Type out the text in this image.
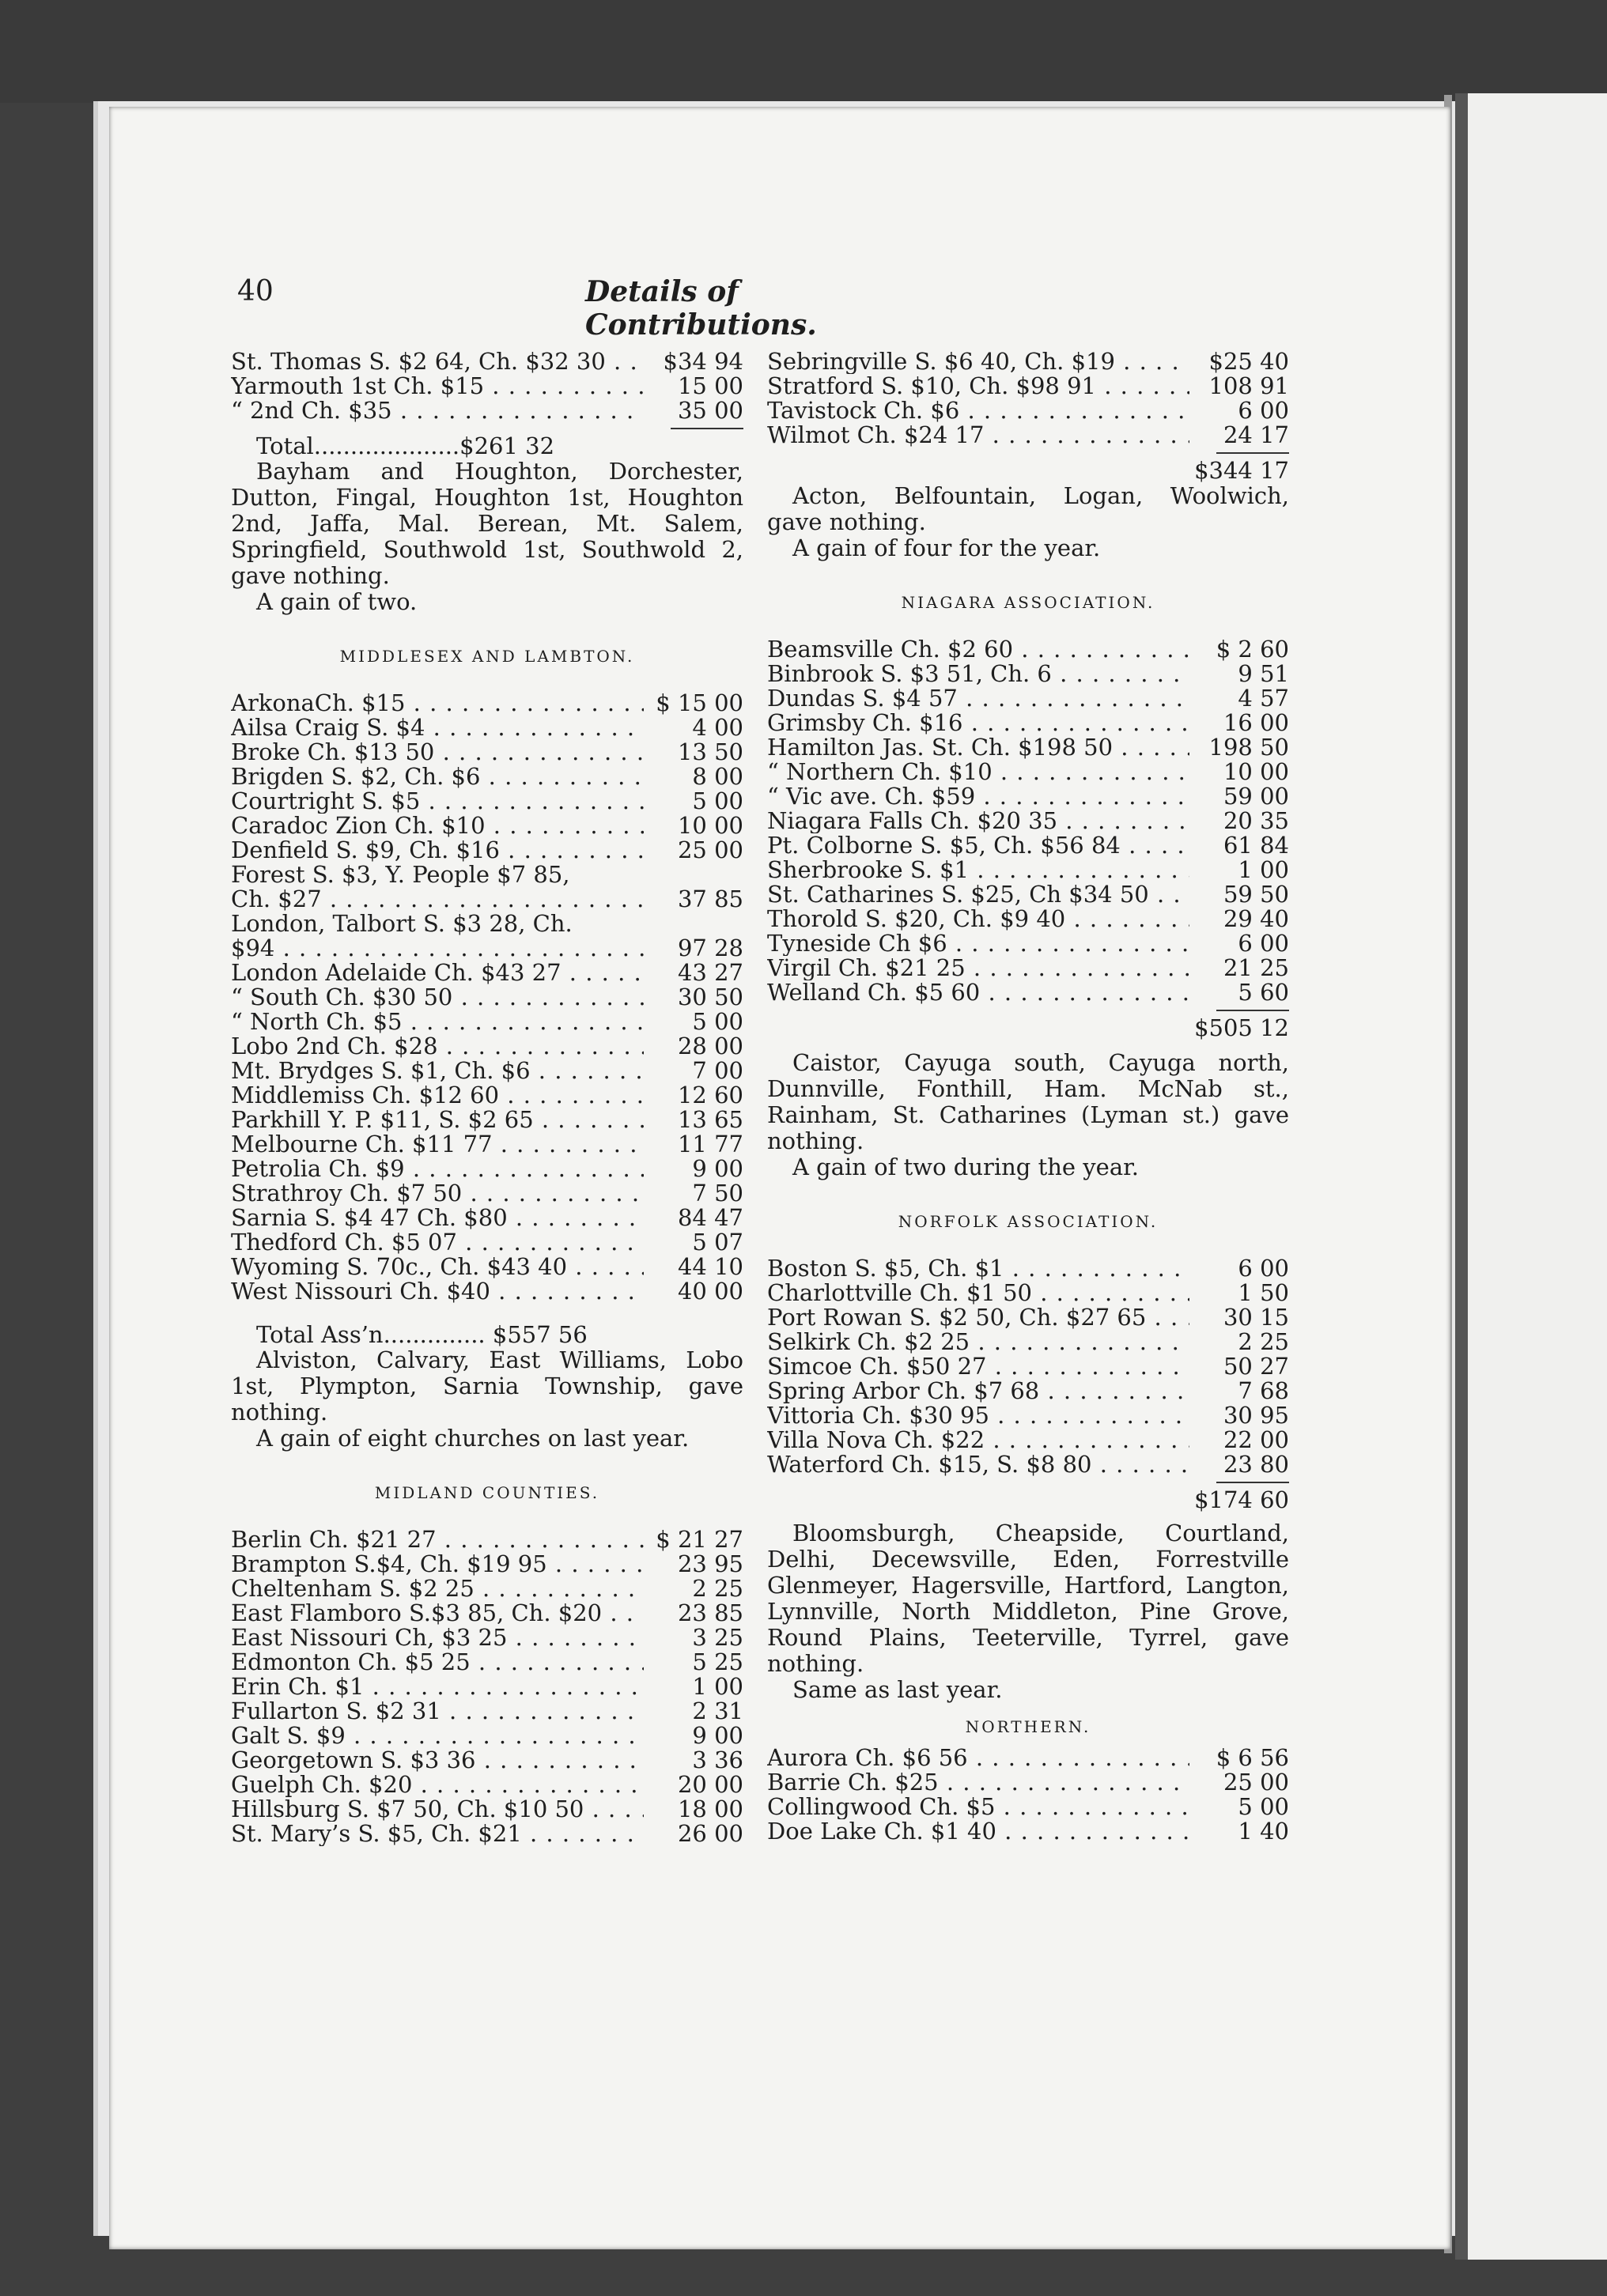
40	Details of Contributions.
St. Thomas S. $2 64, Ch. $32 30 . . .	$34 94
Yarmouth 1st Ch. $15 . . .	15 00
“ 2nd Ch. $35 . . .	35 00
Total....................$261 32
Bayham and Houghton, Dorchester, Dutton, Fingal, Houghton 1st, Houghton 2nd, Jaffa, Mal. Berean, Mt. Salem, Springfield, Southwold 1st, Southwold 2, gave nothing.
A gain of two.
MIDDLESEX AND LAMBTON.
ArkonaCh. $15 . . .	$ 15 00
Ailsa Craig S. $4 . . .	4 00
Broke Ch. $13 50 . . .	13 50
Brigden S. $2, Ch. $6 . . .	8 00
Courtright S. $5 . . .	5 00
Caradoc Zion Ch. $10 . . .	10 00
Denfield S. $9, Ch. $16 . . .	25 00
Forest S. $3, Y. People $7 85,
Ch. $27 . . .	37 85
London, Talbort S. $3 28, Ch.
$94 . . .	97 28
London Adelaide Ch. $43 27 . . .	43 27
“ South Ch. $30 50 . . .	30 50
“ North Ch. $5 . . .	5 00
Lobo 2nd Ch. $28 . . .	28 00
Mt. Brydges S. $1, Ch. $6 . . .	7 00
Middlemiss Ch. $12 60 . . .	12 60
Parkhill Y. P. $11, S. $2 65 . . .	13 65
Melbourne Ch. $11 77 . . .	11 77
Petrolia Ch. $9 . . .	9 00
Strathroy Ch. $7 50 . . .	7 50
Sarnia S. $4 47 Ch. $80 . . .	84 47
Thedford Ch. $5 07 . . .	5 07
Wyoming S. 70c., Ch. $43 40 . . .	44 10
West Nissouri Ch. $40 . . .	40 00
Total Ass’n.............. $557 56
Alviston, Calvary, East Williams, Lobo 1st, Plympton, Sarnia Township, gave nothing.
A gain of eight churches on last year.
MIDLAND COUNTIES.
Berlin Ch. $21 27 . . .	$ 21 27
Brampton S.$4, Ch. $19 95 . . .	23 95
Cheltenham S. $2 25 . . .	2 25
East Flamboro S.$3 85, Ch. $20 . . .	23 85
East Nissouri Ch, $3 25 . . .	3 25
Edmonton Ch. $5 25 . . .	5 25
Erin Ch. $1 . . .	1 00
Fullarton S. $2 31 . . .	2 31
Galt S. $9 . . .	9 00
Georgetown S. $3 36 . . .	3 36
Guelph Ch. $20 . . .	20 00
Hillsburg S. $7 50, Ch. $10 50 . . .	18 00
St. Mary’s S. $5, Ch. $21 . . .	26 00
Sebringville S. $6 40, Ch. $19 . . .	$25 40
Stratford S. $10, Ch. $98 91 . . .	108 91
Tavistock Ch. $6 . . .	6 00
Wilmot Ch. $24 17 . . .	24 17
$344 17
Acton, Belfountain, Logan, Woolwich, gave nothing.
A gain of four for the year.
NIAGARA ASSOCIATION.
Beamsville Ch. $2 60 . . .	$ 2 60
Binbrook S. $3 51, Ch. 6 . . .	9 51
Dundas S. $4 57 . . .	4 57
Grimsby Ch. $16 . . .	16 00
Hamilton Jas. St. Ch. $198 50 . . .	198 50
“ Northern Ch. $10 . . .	10 00
“ Vic ave. Ch. $59 . . .	59 00
Niagara Falls Ch. $20 35 . . .	20 35
Pt. Colborne S. $5, Ch. $56 84 . . .	61 84
Sherbrooke S. $1 . . .	1 00
St. Catharines S. $25, Ch $34 50 . . .	59 50
Thorold S. $20, Ch. $9 40 . . .	29 40
Tyneside Ch $6 . . .	6 00
Virgil Ch. $21 25 . . .	21 25
Welland Ch. $5 60 . . .	5 60
$505 12
Caistor, Cayuga south, Cayuga north, Dunnville, Fonthill, Ham. McNab st., Rainham, St. Catharines (Lyman st.) gave nothing.
A gain of two during the year.
NORFOLK ASSOCIATION.
Boston S. $5, Ch. $1 . . .	6 00
Charlottville Ch. $1 50 . . .	1 50
Port Rowan S. $2 50, Ch. $27 65 . . .	30 15
Selkirk Ch. $2 25 . . .	2 25
Simcoe Ch. $50 27 . . .	50 27
Spring Arbor Ch. $7 68 . . .	7 68
Vittoria Ch. $30 95 . . .	30 95
Villa Nova Ch. $22 . . .	22 00
Waterford Ch. $15, S. $8 80 . . .	23 80
$174 60
Bloomsburgh, Cheapside, Courtland, Delhi, Decewsville, Eden, Forrestville Glenmeyer, Hagersville, Hartford, Langton, Lynnville, North Middleton, Pine Grove, Round Plains, Teeterville, Tyrrel, gave nothing.
Same as last year.
NORTHERN.
Aurora Ch. $6 56 . . .	$ 6 56
Barrie Ch. $25 . . .	25 00
Collingwood Ch. $5 . . .	5 00
Doe Lake Ch. $1 40 . . .	1 40
